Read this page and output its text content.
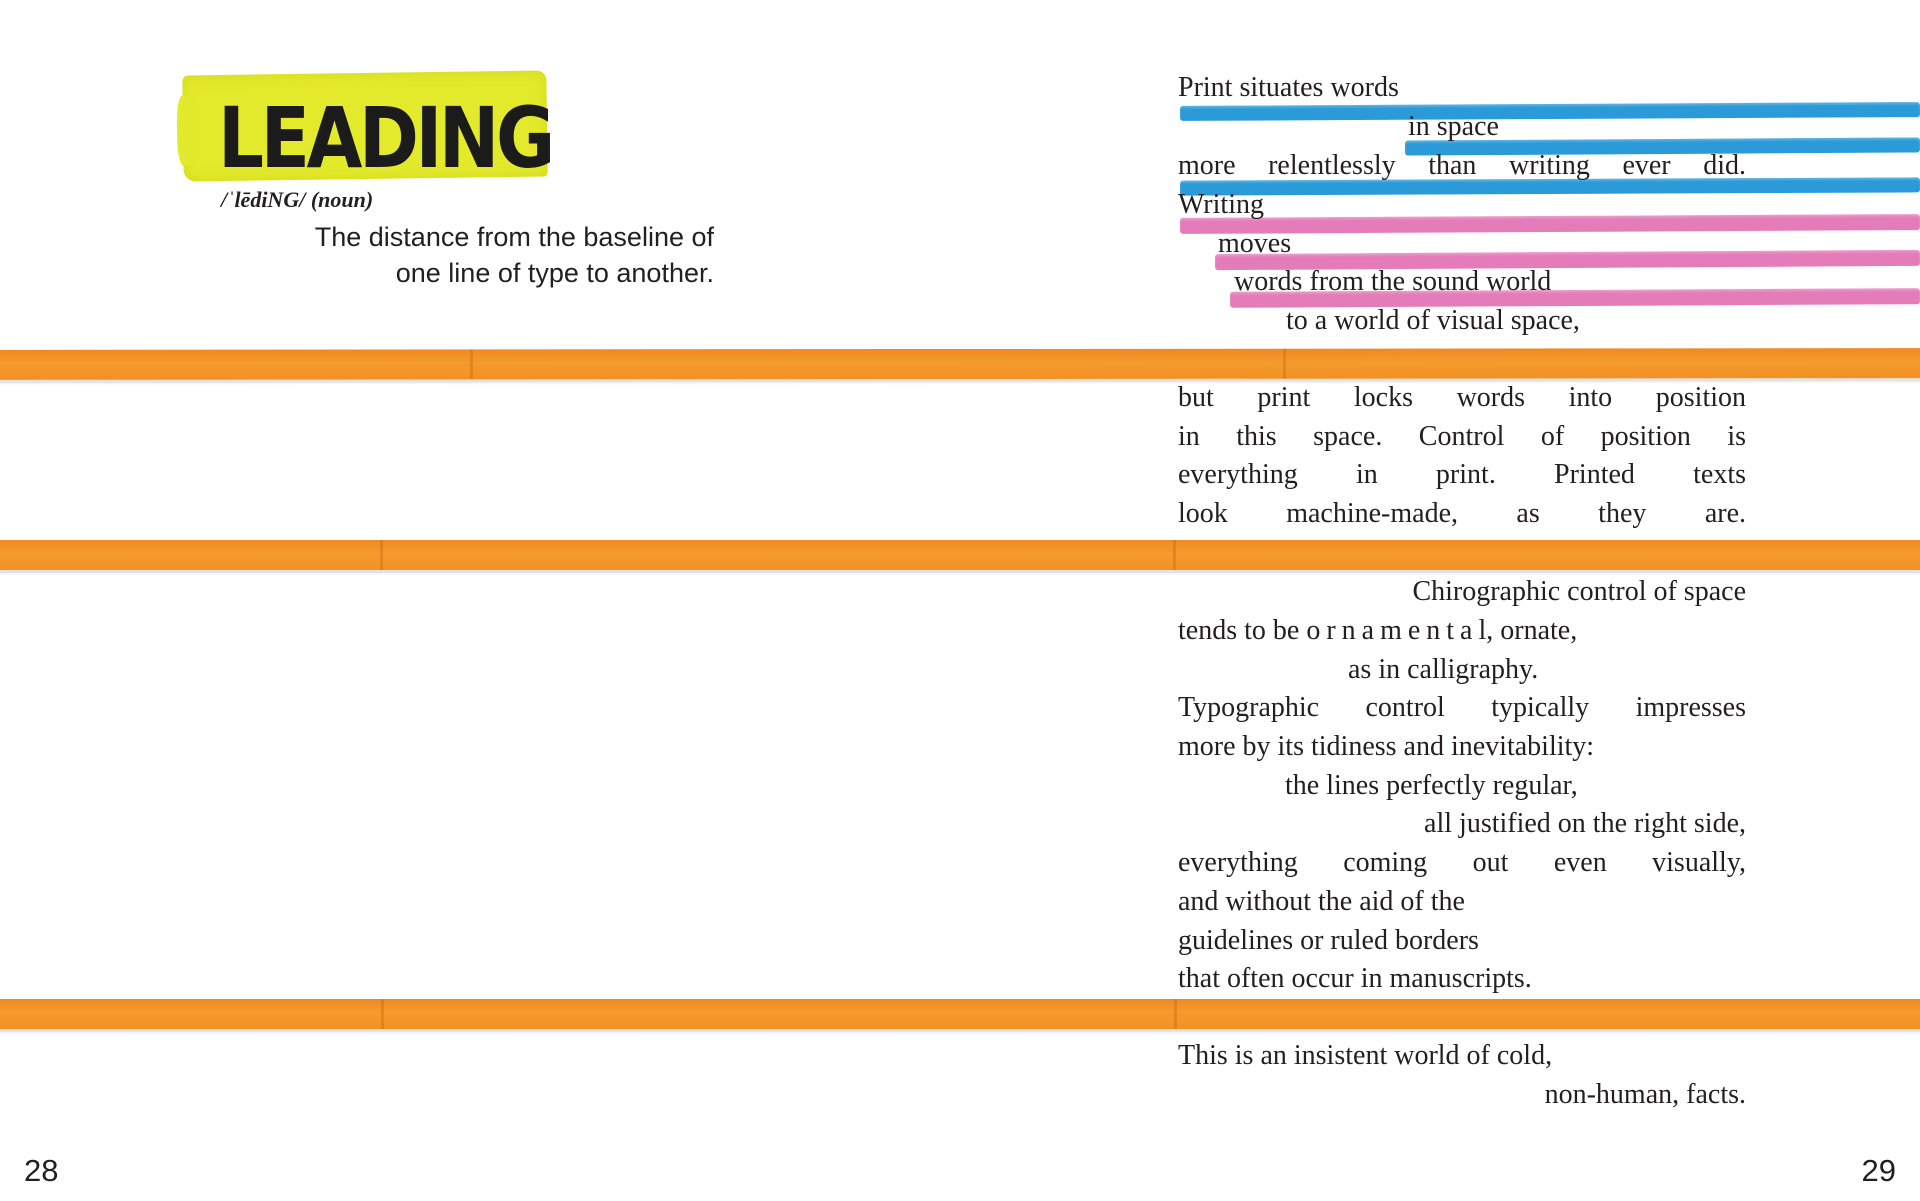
LEADING
/ˈlēdiNG/ (noun)
The distance from the baseline of
one line of type to another.
Print situates words
in space
more relentlessly than writing ever did.
Writing
moves
words from the sound world
to a world of visual space,
but print locks words into position
in this space. Control of position is
everything in print. Printed texts
look machine-made, as they are.
Chirographic control of space
tends to be ornamental, ornate,
as in calligraphy.
Typographic control typically impresses
more by its tidiness and inevitability:
the lines perfectly regular,
all justified on the right side,
everything coming out even visually,
and without the aid of the
guidelines or ruled borders
that often occur in manuscripts.
This is an insistent world of cold,
non-human, facts.
28	29
